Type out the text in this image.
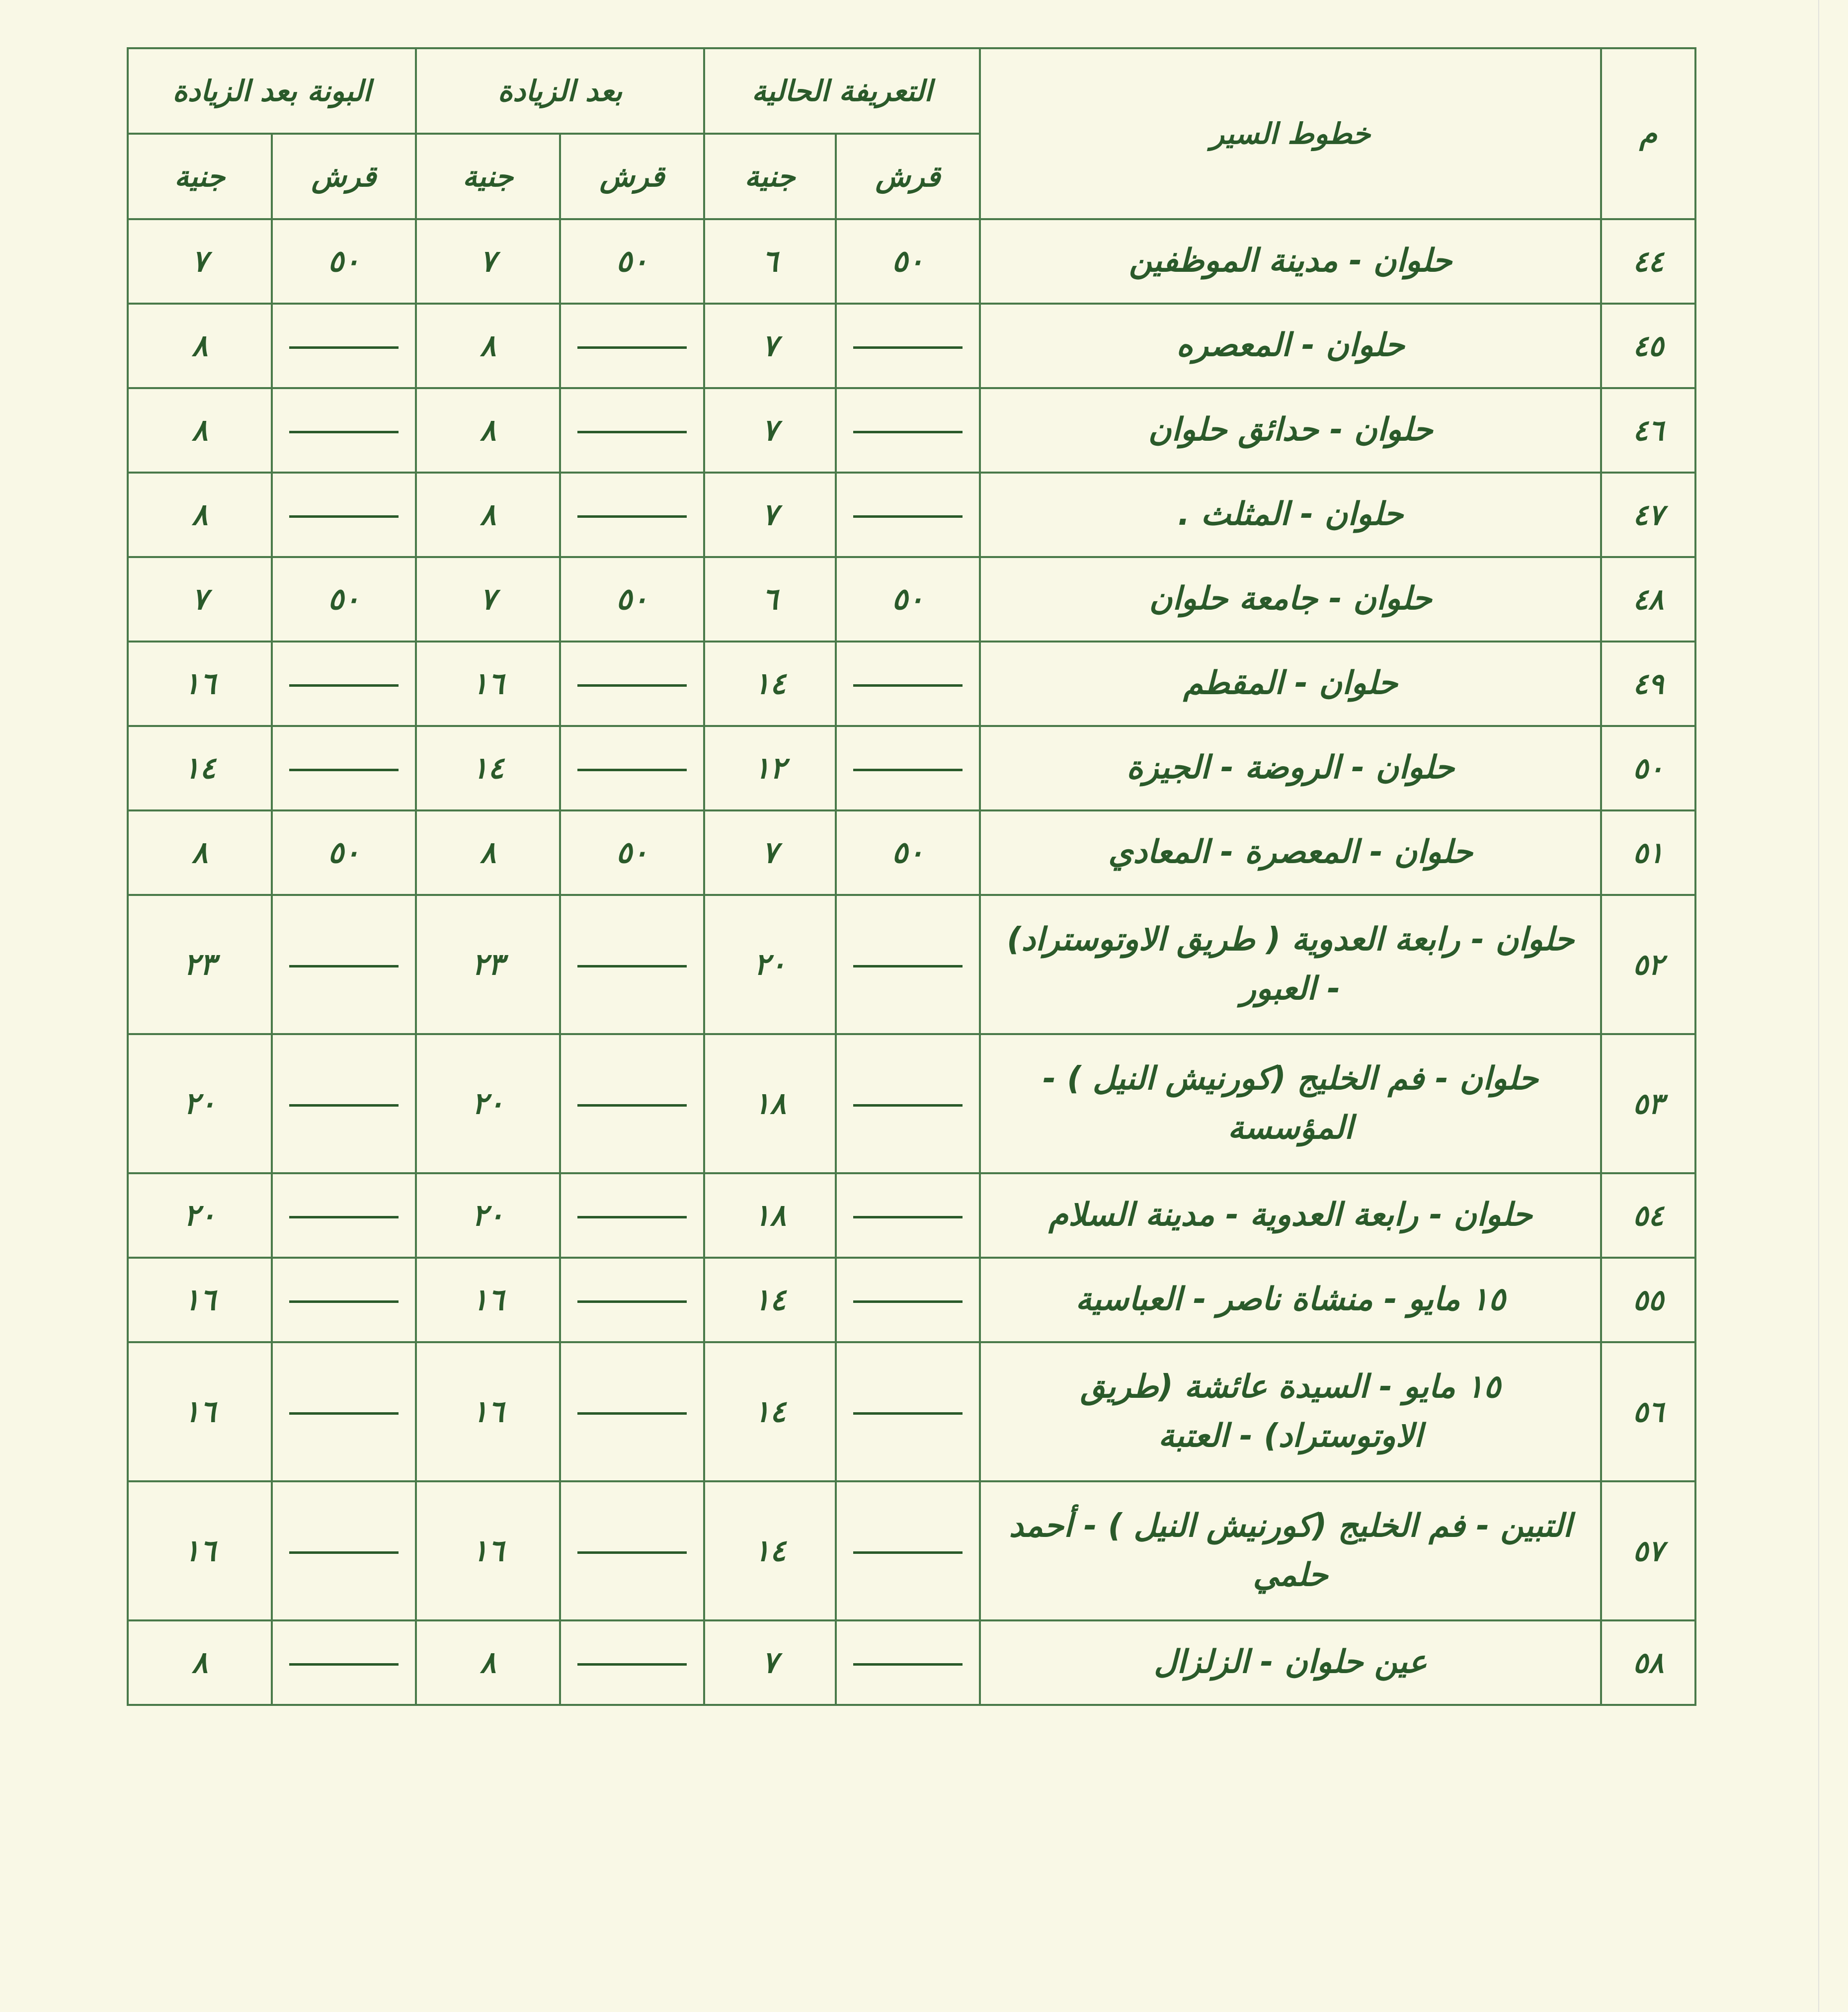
م	خطوط السير	التعريفة الحالية		بعد الزيادة		البونة بعد الزيادة	
		قرش	جنية	قرش	جنية	قرش	جنية
٤٤	حلوان - مدينة الموظفين	٥٠	٦	٥٠	٧	٥٠	٧
٤٥	حلوان - المعصره		٧		٨		٨
٤٦	حلوان - حدائق حلوان		٧		٨		٨
٤٧	حلوان - المثلث .		٧		٨		٨
٤٨	حلوان - جامعة حلوان	٥٠	٦	٥٠	٧	٥٠	٧
٤٩	حلوان - المقطم		١٤		١٦		١٦
٥٠	حلوان - الروضة - الجيزة		١٢		١٤		١٤
٥١	حلوان - المعصرة - المعادي	٥٠	٧	٥٠	٨	٥٠	٨
٥٢	حلوان - رابعة العدوية ( طريق الاوتوستراد) - العبور		٢٠		٢٣		٢٣
٥٣	حلوان - فم الخليج (كورنيش النيل ) - المؤسسة		١٨		٢٠		٢٠
٥٤	حلوان - رابعة العدوية - مدينة السلام		١٨		٢٠		٢٠
٥٥	١٥ مايو - منشاة ناصر - العباسية		١٤		١٦		١٦
٥٦	١٥ مايو - السيدة عائشة (طريق الاوتوستراد) - العتبة		١٤		١٦		١٦
٥٧	التبين - فم الخليج (كورنيش النيل ) - أحمد حلمي		١٤		١٦		١٦
٥٨	عين حلوان - الزلزال		٧		٨		٨
